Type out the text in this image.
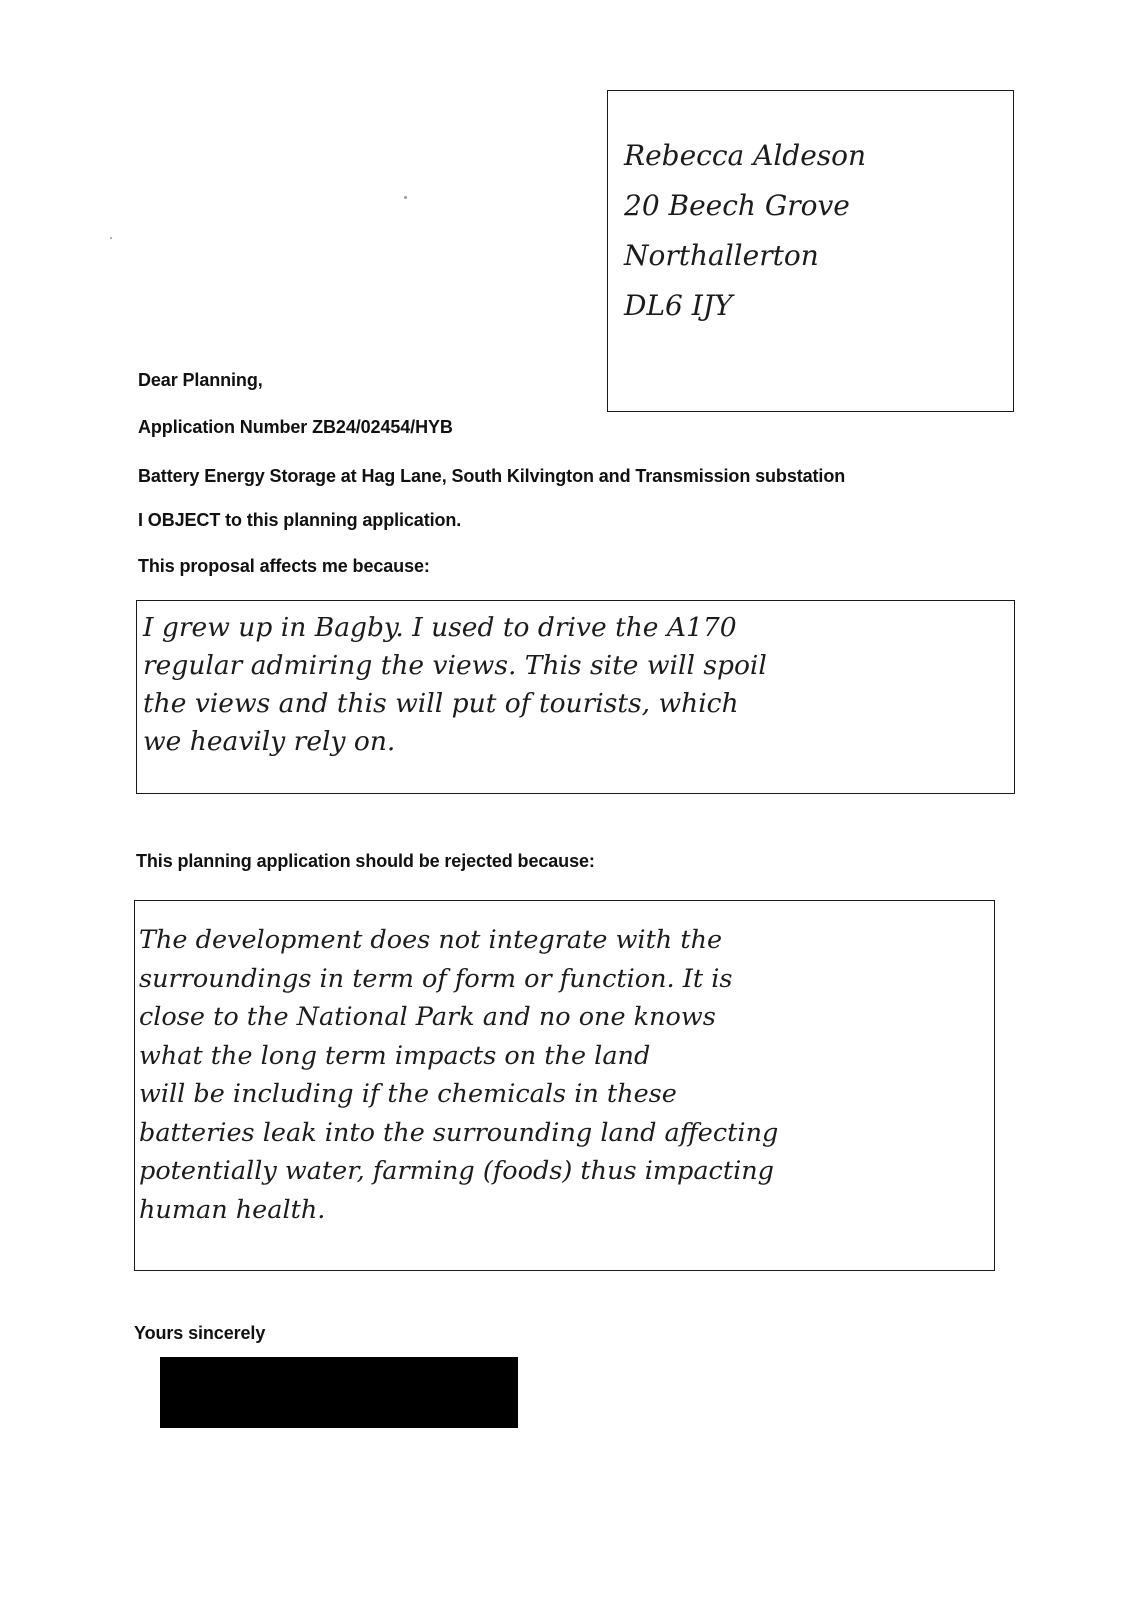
Rebecca Aldeson

20 Beech Grove

Northallerton

DL6 IJY

Dear Planning,

Application Number ZB24/02454/HYB

Battery Energy Storage at Hag Lane, South Kilvington and Transmission substation

I OBJECT to this planning application.

This proposal affects me because:

I grew up in Bagby. I used to drive the A170

regular admiring the views. This site will spoil

the views and this will put of tourists, which

we heavily rely on.

This planning application should be rejected because:

The development does not integrate with the

surroundings in term of form or function. It is

close to the National Park and no one knows

what the long term impacts on the land

will be including if the chemicals in these

batteries leak into the surrounding land affecting

potentially water, farming (foods) thus impacting

human health.

Yours sincerely
